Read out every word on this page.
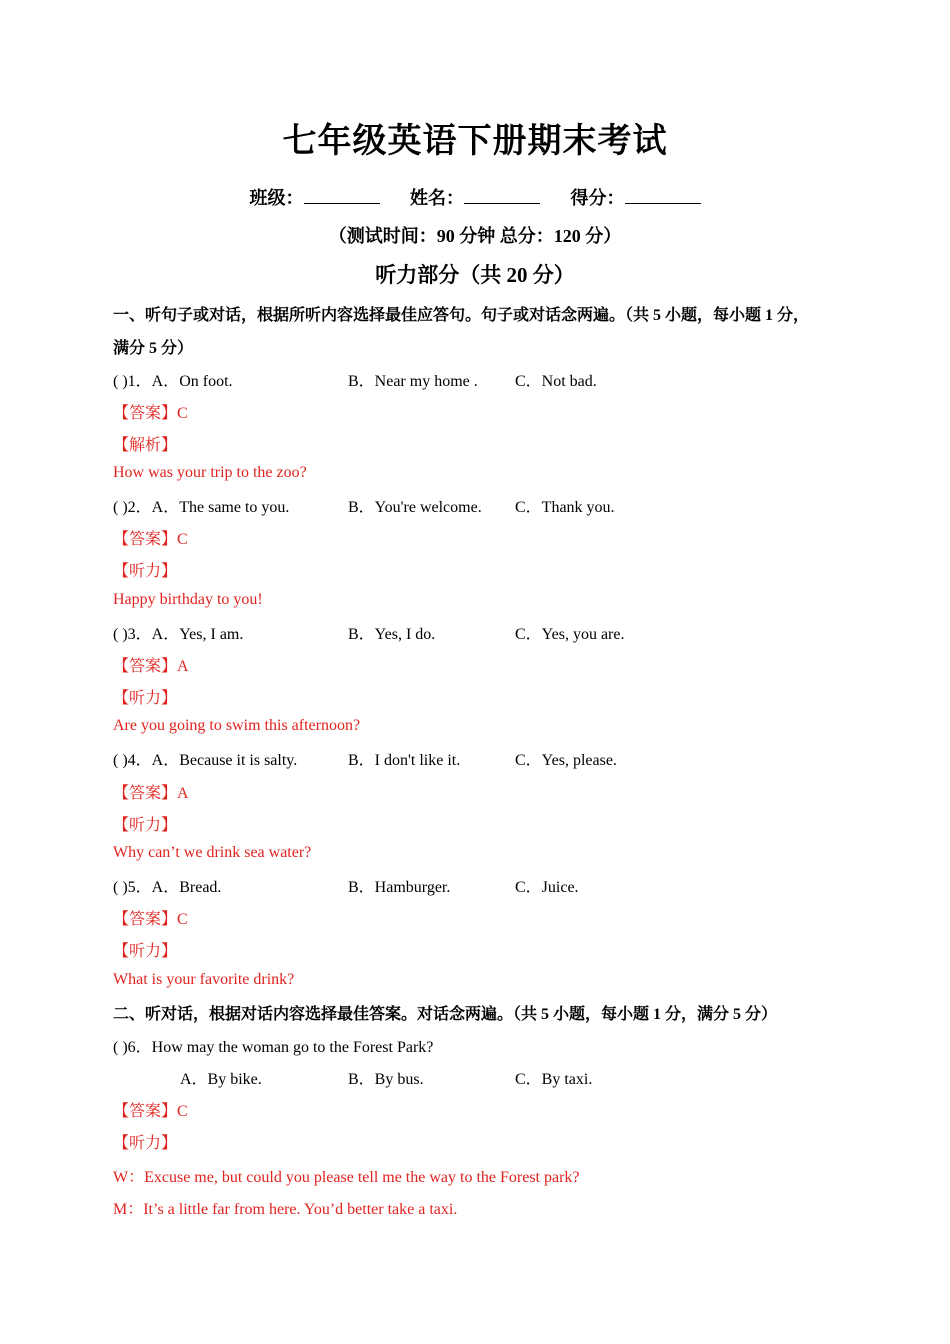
七年级英语下册期末考试
班级：	姓名：	得分：
（测试时间：90 分钟 总分：120 分）
听力部分（共 20 分）
一、听句子或对话，根据所听内容选择最佳应答句。句子或对话念两遍。（共 5 小题，每小题 1 分，
满分 5 分）
( )1．A．On foot.	B．Near my home . C．Not bad.
【答案】C
【解析】
How was your trip to the zoo?
( )2．A．The same to you.	B．You're welcome. C．Thank you.
【答案】C
【听力】
Happy birthday to you!
( )3．A．Yes, I am.	B．Yes, I do.	C．Yes, you are.
【答案】A
【听力】
Are you going to swim this afternoon?
( )4．A．Because it is salty.	B．I don't like it.	C．Yes, please.
【答案】A
【听力】
Why can’t we drink sea water?
( )5．A．Bread.	B．Hamburger.	C．Juice.
【答案】C
【听力】
What is your favorite drink?
二、听对话，根据对话内容选择最佳答案。对话念两遍。（共 5 小题，每小题 1 分，满分 5 分）
( )6．How may the woman go to the Forest Park?
A．By bike.	B．By bus.	C．By taxi.
【答案】C
【听力】
W：Excuse me, but could you please tell me the way to the Forest park?
M：It’s a little far from here. You’d better take a taxi.
